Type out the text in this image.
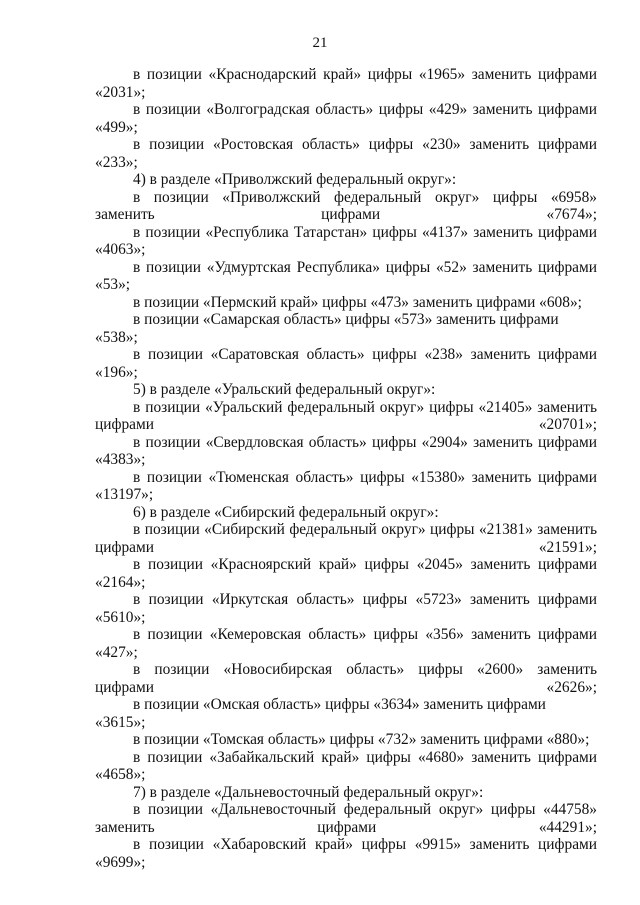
21

в позиции «Краснодарский край» цифры «1965» заменить цифрами «2031»;

в позиции «Волгоградская область» цифры «429» заменить цифрами «499»;

в позиции «Ростовская область» цифры «230» заменить цифрами «233»;

4) в разделе «Приволжский федеральный округ»:

в позиции «Приволжский федеральный округ» цифры «6958» заменить цифрами «7674»;

в позиции «Республика Татарстан» цифры «4137» заменить цифрами «4063»;

в позиции «Удмуртская Республика» цифры «52» заменить цифрами «53»;

в позиции «Пермский край» цифры «473» заменить цифрами «608»;

в позиции «Самарская область» цифры «573» заменить цифрами «538»;

в позиции «Саратовская область» цифры «238» заменить цифрами «196»;

5) в разделе «Уральский федеральный округ»:

в позиции «Уральский федеральный округ» цифры «21405» заменить цифрами «20701»;

в позиции «Свердловская область» цифры «2904» заменить цифрами «4383»;

в позиции «Тюменская область» цифры «15380» заменить цифрами «13197»;

6) в разделе «Сибирский федеральный округ»:

в позиции «Сибирский федеральный округ» цифры «21381» заменить цифрами «21591»;

в позиции «Красноярский край» цифры «2045» заменить цифрами «2164»;

в позиции «Иркутская область» цифры «5723» заменить цифрами «5610»;

в позиции «Кемеровская область» цифры «356» заменить цифрами «427»;

в позиции «Новосибирская область» цифры «2600» заменить цифрами «2626»;

в позиции «Омская область» цифры «3634» заменить цифрами «3615»;

в позиции «Томская область» цифры «732» заменить цифрами «880»;

в позиции «Забайкальский край» цифры «4680» заменить цифрами «4658»;

7) в разделе «Дальневосточный федеральный округ»:

в позиции «Дальневосточный федеральный округ» цифры «44758» заменить цифрами «44291»;

в позиции «Хабаровский край» цифры «9915» заменить цифрами «9699»;
